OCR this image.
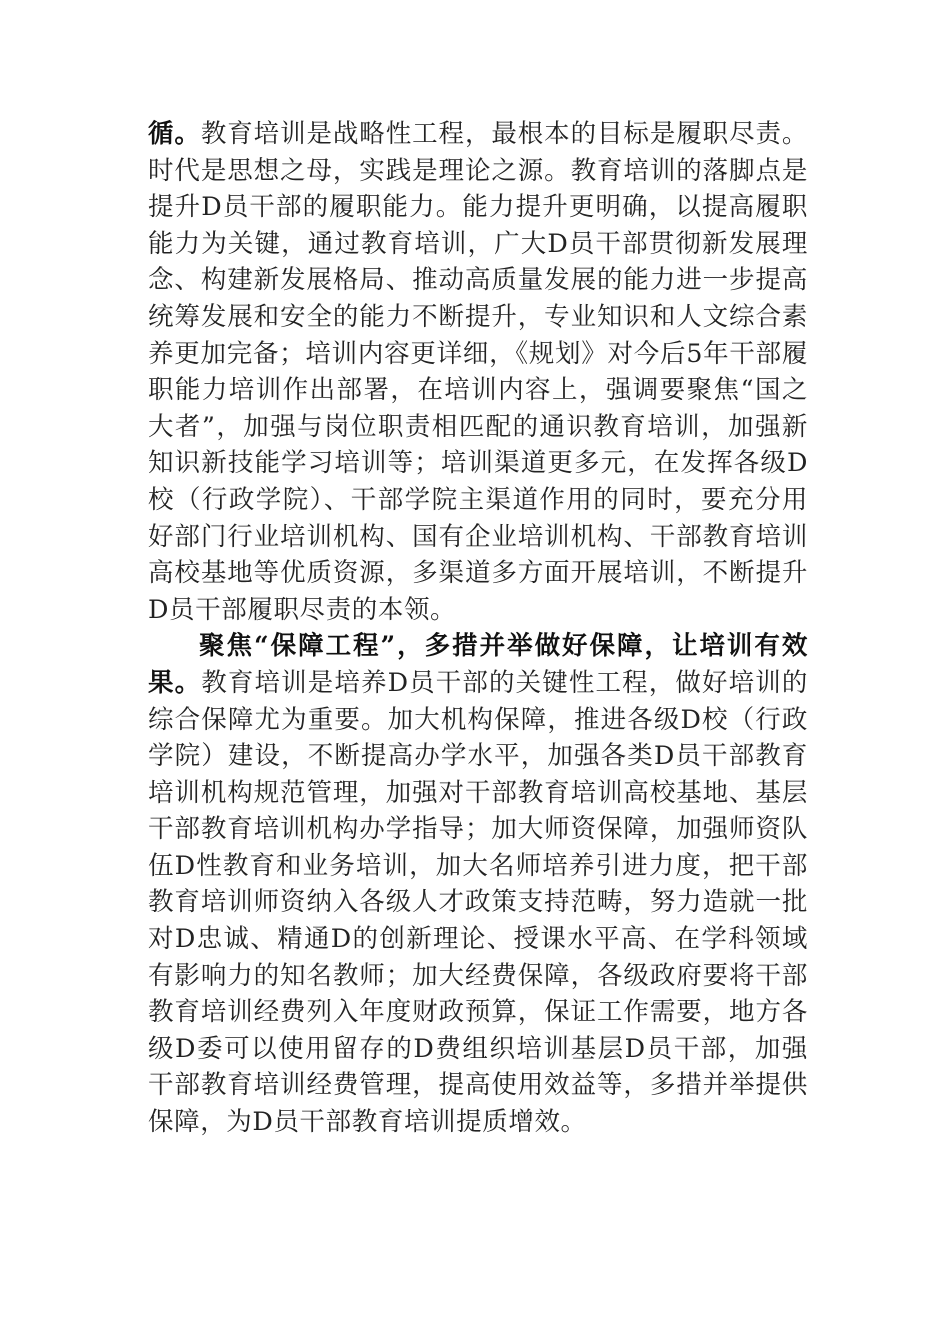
循。教育培训是战略性工程，最根本的目标是履职尽责。时代是思想之母，实践是理论之源。教育培训的落脚点是提升D员干部的履职能力。能力提升更明确，以提高履职能力为关键，通过教育培训，广大D员干部贯彻新发展理念、构建新发展格局、推动高质量发展的能力进一步提高统筹发展和安全的能力不断提升，专业知识和人文综合素养更加完备；培训内容更详细，《规划》对今后5年干部履职能力培训作出部署，在培训内容上，强调要聚焦“国之大者”，加强与岗位职责相匹配的通识教育培训，加强新知识新技能学习培训等；培训渠道更多元，在发挥各级D校（行政学院）、干部学院主渠道作用的同时，要充分用好部门行业培训机构、国有企业培训机构、干部教育培训高校基地等优质资源，多渠道多方面开展培训，不断提升D员干部履职尽责的本领。

聚焦“保障工程”，多措并举做好保障，让培训有效果。教育培训是培养D员干部的关键性工程，做好培训的综合保障尤为重要。加大机构保障，推进各级D校（行政学院）建设，不断提高办学水平，加强各类D员干部教育培训机构规范管理，加强对干部教育培训高校基地、基层干部教育培训机构办学指导；加大师资保障，加强师资队伍D性教育和业务培训，加大名师培养引进力度，把干部教育培训师资纳入各级人才政策支持范畴，努力造就一批对D忠诚、精通D的创新理论、授课水平高、在学科领域有影响力的知名教师；加大经费保障，各级政府要将干部教育培训经费列入年度财政预算，保证工作需要，地方各级D委可以使用留存的D费组织培训基层D员干部，加强干部教育培训经费管理，提高使用效益等，多措并举提供保障，为D员干部教育培训提质增效。
